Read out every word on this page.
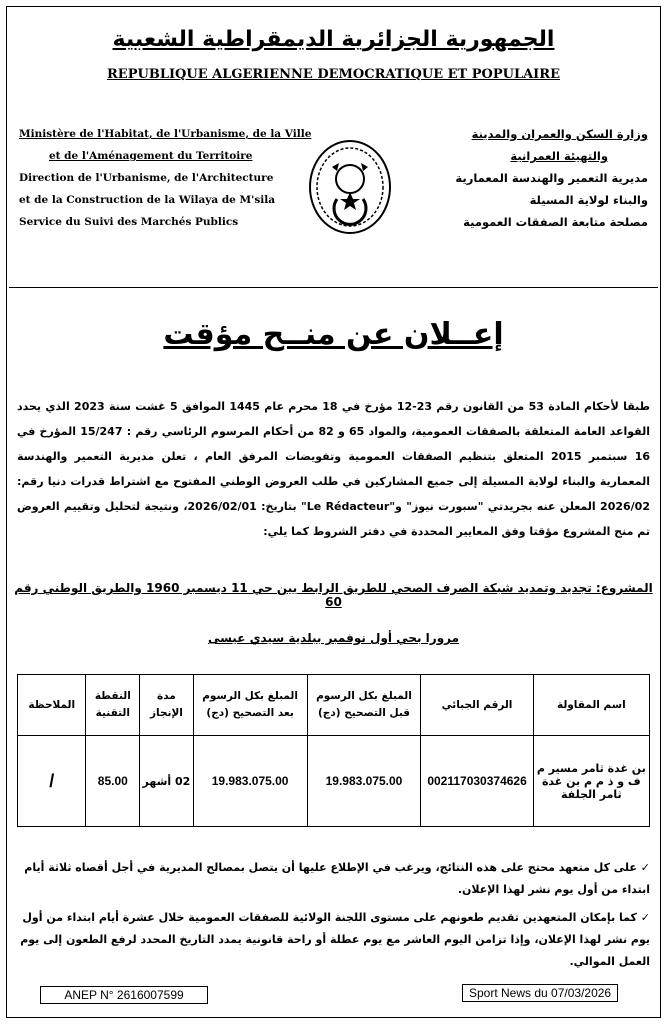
الجمهورية الجزائرية الديمقراطية الشعبية
REPUBLIQUE ALGERIENNE DEMOCRATIQUE ET POPULAIRE
Ministère de l'Habitat, de l'Urbanisme, de la Ville
et de l'Aménagement du Territoire
Direction de l'Urbanisme, de l'Architecture
et de la Construction de la Wilaya de M'sila
Service du Suivi des Marchés Publics
وزارة السكن والعمران والمدينة
والتهيئة العمرانية
مديرية التعمير والهندسة المعمارية
والبناء لولاية المسيلة
مصلحة متابعة الصفقات العمومية
إعــلان عن منــح مؤقت
طبقا لأحكام المادة 53 من القانون رقم 23-12 مؤرخ في 18 محرم عام 1445 الموافق 5 غشت سنة 2023 الذي يحدد القواعد العامة المتعلقة بالصفقات العمومية، والمواد 65 و 82 من أحكام المرسوم الرئاسي رقم : 15/247 المؤرخ في 16 سبتمبر 2015 المتعلق بتنظيم الصفقات العمومية وتفويضات المرفق العام ، تعلن مديرية التعمير والهندسة المعمارية والبناء لولاية المسيلة إلى جميع المشاركين في طلب العروض الوطني المفتوح مع اشتراط قدرات دنيا رقم: 2026/02 المعلن عنه بجريدتي "سبورت نيوز" و"Le Rédacteur" بتاريخ: 2026/02/01، ونتيجة لتحليل وتقييم العروض تم منح المشروع مؤقتا وفق المعايير المحددة في دفتر الشروط كما يلي:
المشروع: تجديد وتمديد شبكة الصرف الصحي للطريق الرابط بين حي 11 ديسمبر 1960 والطريق الوطني رقم 60
مرورا بحي أول نوفمبر ببلدية سيدي عيسى
اسم المقاولة	الرقم الجبائي	المبلغ بكل الرسوم قبل التصحيح (دج)	المبلغ بكل الرسوم بعد التصحيح (دج)	مدة الإنجاز	النقطة التقنية	الملاحظة
بن غدة ثامر مسير م ف و ذ م م بن غدة ثامر الجلفة	002117030374626	19.983.075.00	19.983.075.00	02 أشهر	85.00	/
✓ على كل متعهد محتج على هذه النتائج، ويرغب في الإطلاع عليها أن يتصل بمصالح المديرية في أجل أقصاه ثلاثة أيام ابتداء من أول يوم نشر لهذا الإعلان.
✓ كما بإمكان المتعهدين تقديم طعونهم على مستوى اللجنة الولائية للصفقات العمومية خلال عشرة أيام ابتداء من أول يوم نشر لهذا الإعلان، وإذا تزامن اليوم العاشر مع يوم عطلة أو راحة قانونية يمدد التاريخ المحدد لرفع الطعون إلى يوم العمل الموالي.
ANEP N° 2616007599	Sport News du 07/03/2026
